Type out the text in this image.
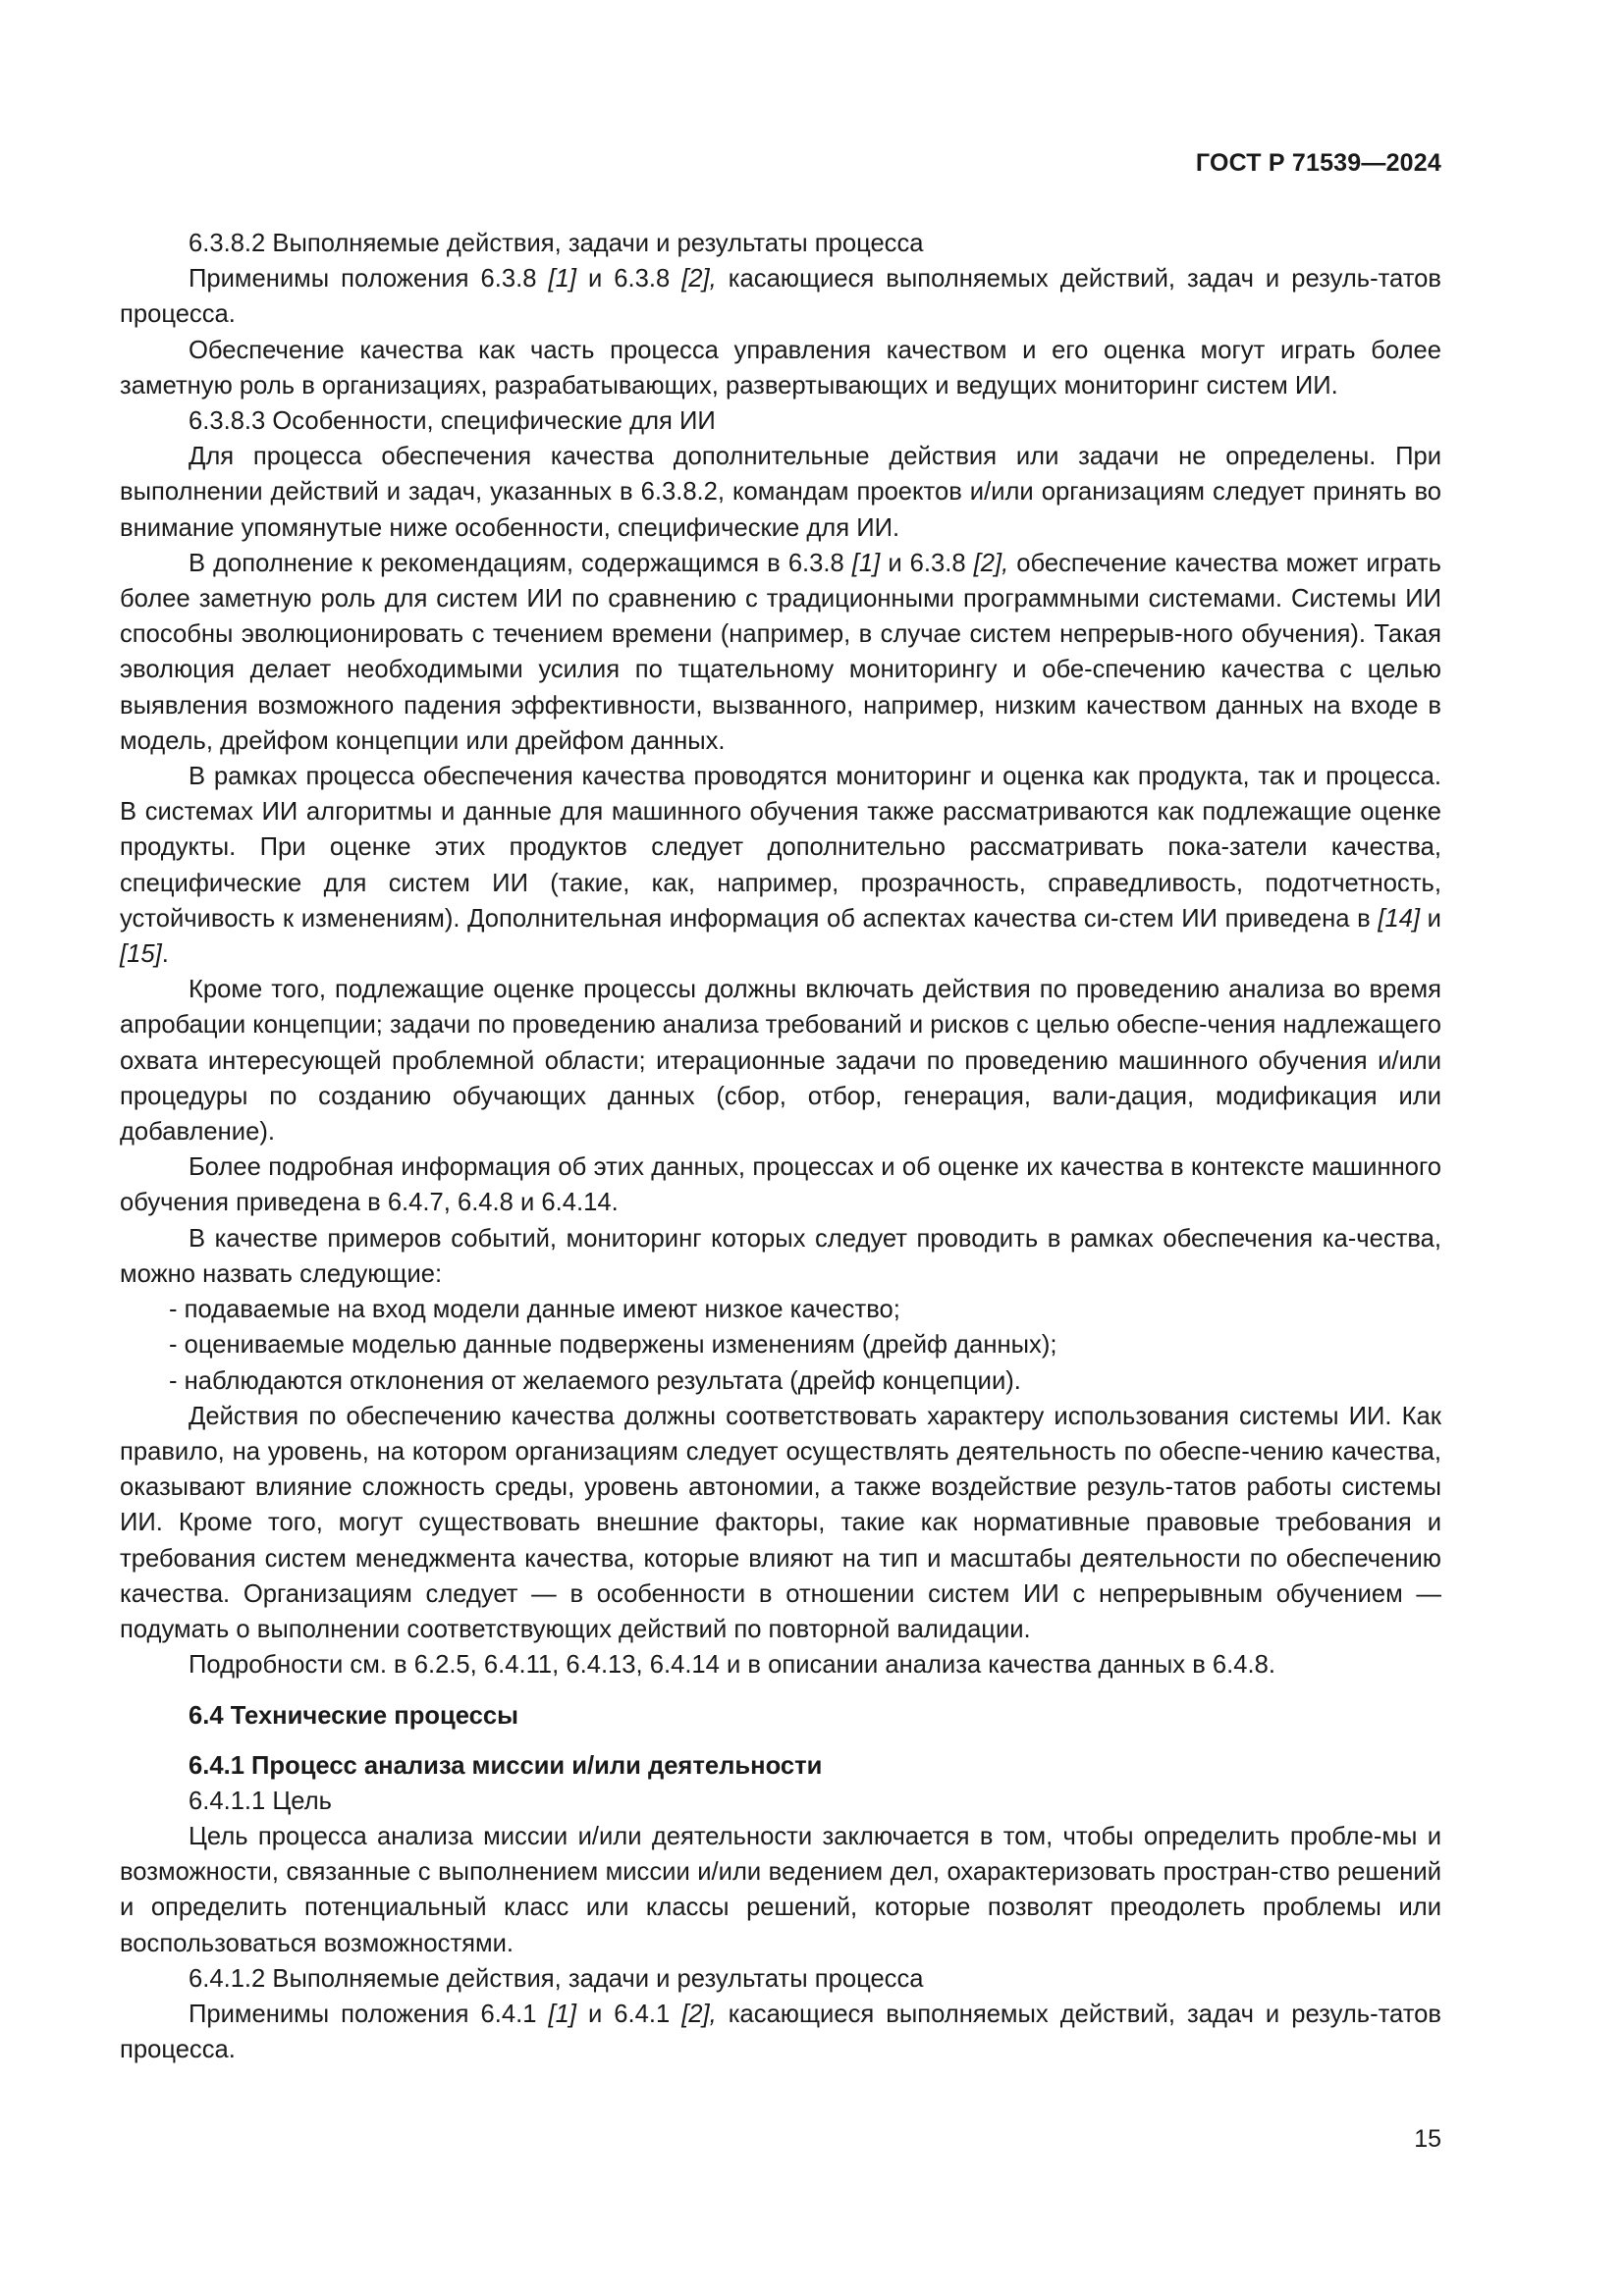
ГОСТ Р 71539—2024

6.3.8.2 Выполняемые действия, задачи и результаты процесса

Применимы положения 6.3.8 [1] и 6.3.8 [2], касающиеся выполняемых действий, задач и резуль-татов процесса.

Обеспечение качества как часть процесса управления качеством и его оценка могут играть более заметную роль в организациях, разрабатывающих, развертывающих и ведущих мониторинг систем ИИ.

6.3.8.3 Особенности, специфические для ИИ

Для процесса обеспечения качества дополнительные действия или задачи не определены. При выполнении действий и задач, указанных в 6.3.8.2, командам проектов и/или организациям следует принять во внимание упомянутые ниже особенности, специфические для ИИ.

В дополнение к рекомендациям, содержащимся в 6.3.8 [1] и 6.3.8 [2], обеспечение качества может играть более заметную роль для систем ИИ по сравнению с традиционными программными системами. Системы ИИ способны эволюционировать с течением времени (например, в случае систем непрерыв-ного обучения). Такая эволюция делает необходимыми усилия по тщательному мониторингу и обе-спечению качества с целью выявления возможного падения эффективности, вызванного, например, низким качеством данных на входе в модель, дрейфом концепции или дрейфом данных.

В рамках процесса обеспечения качества проводятся мониторинг и оценка как продукта, так и процесса. В системах ИИ алгоритмы и данные для машинного обучения также рассматриваются как подлежащие оценке продукты. При оценке этих продуктов следует дополнительно рассматривать пока-затели качества, специфические для систем ИИ (такие, как, например, прозрачность, справедливость, подотчетность, устойчивость к изменениям). Дополнительная информация об аспектах качества си-стем ИИ приведена в [14] и [15].

Кроме того, подлежащие оценке процессы должны включать действия по проведению анализа во время апробации концепции; задачи по проведению анализа требований и рисков с целью обеспе-чения надлежащего охвата интересующей проблемной области; итерационные задачи по проведению машинного обучения и/или процедуры по созданию обучающих данных (сбор, отбор, генерация, вали-дация, модификация или добавление).

Более подробная информация об этих данных, процессах и об оценке их качества в контексте машинного обучения приведена в 6.4.7, 6.4.8 и 6.4.14.

В качестве примеров событий, мониторинг которых следует проводить в рамках обеспечения ка-чества, можно назвать следующие:

- подаваемые на вход модели данные имеют низкое качество;

- оцениваемые моделью данные подвержены изменениям (дрейф данных);

- наблюдаются отклонения от желаемого результата (дрейф концепции).

Действия по обеспечению качества должны соответствовать характеру использования системы ИИ. Как правило, на уровень, на котором организациям следует осуществлять деятельность по обеспе-чению качества, оказывают влияние сложность среды, уровень автономии, а также воздействие резуль-татов работы системы ИИ. Кроме того, могут существовать внешние факторы, такие как нормативные правовые требования и требования систем менеджмента качества, которые влияют на тип и масштабы деятельности по обеспечению качества. Организациям следует — в особенности в отношении систем ИИ с непрерывным обучением — подумать о выполнении соответствующих действий по повторной валидации.

Подробности см. в 6.2.5, 6.4.11, 6.4.13, 6.4.14 и в описании анализа качества данных в 6.4.8.

6.4 Технические процессы
6.4.1 Процесс анализа миссии и/или деятельности

6.4.1.1 Цель

Цель процесса анализа миссии и/или деятельности заключается в том, чтобы определить пробле-мы и возможности, связанные с выполнением миссии и/или ведением дел, охарактеризовать простран-ство решений и определить потенциальный класс или классы решений, которые позволят преодолеть проблемы или воспользоваться возможностями.

6.4.1.2 Выполняемые действия, задачи и результаты процесса

Применимы положения 6.4.1 [1] и 6.4.1 [2], касающиеся выполняемых действий, задач и резуль-татов процесса.

15
